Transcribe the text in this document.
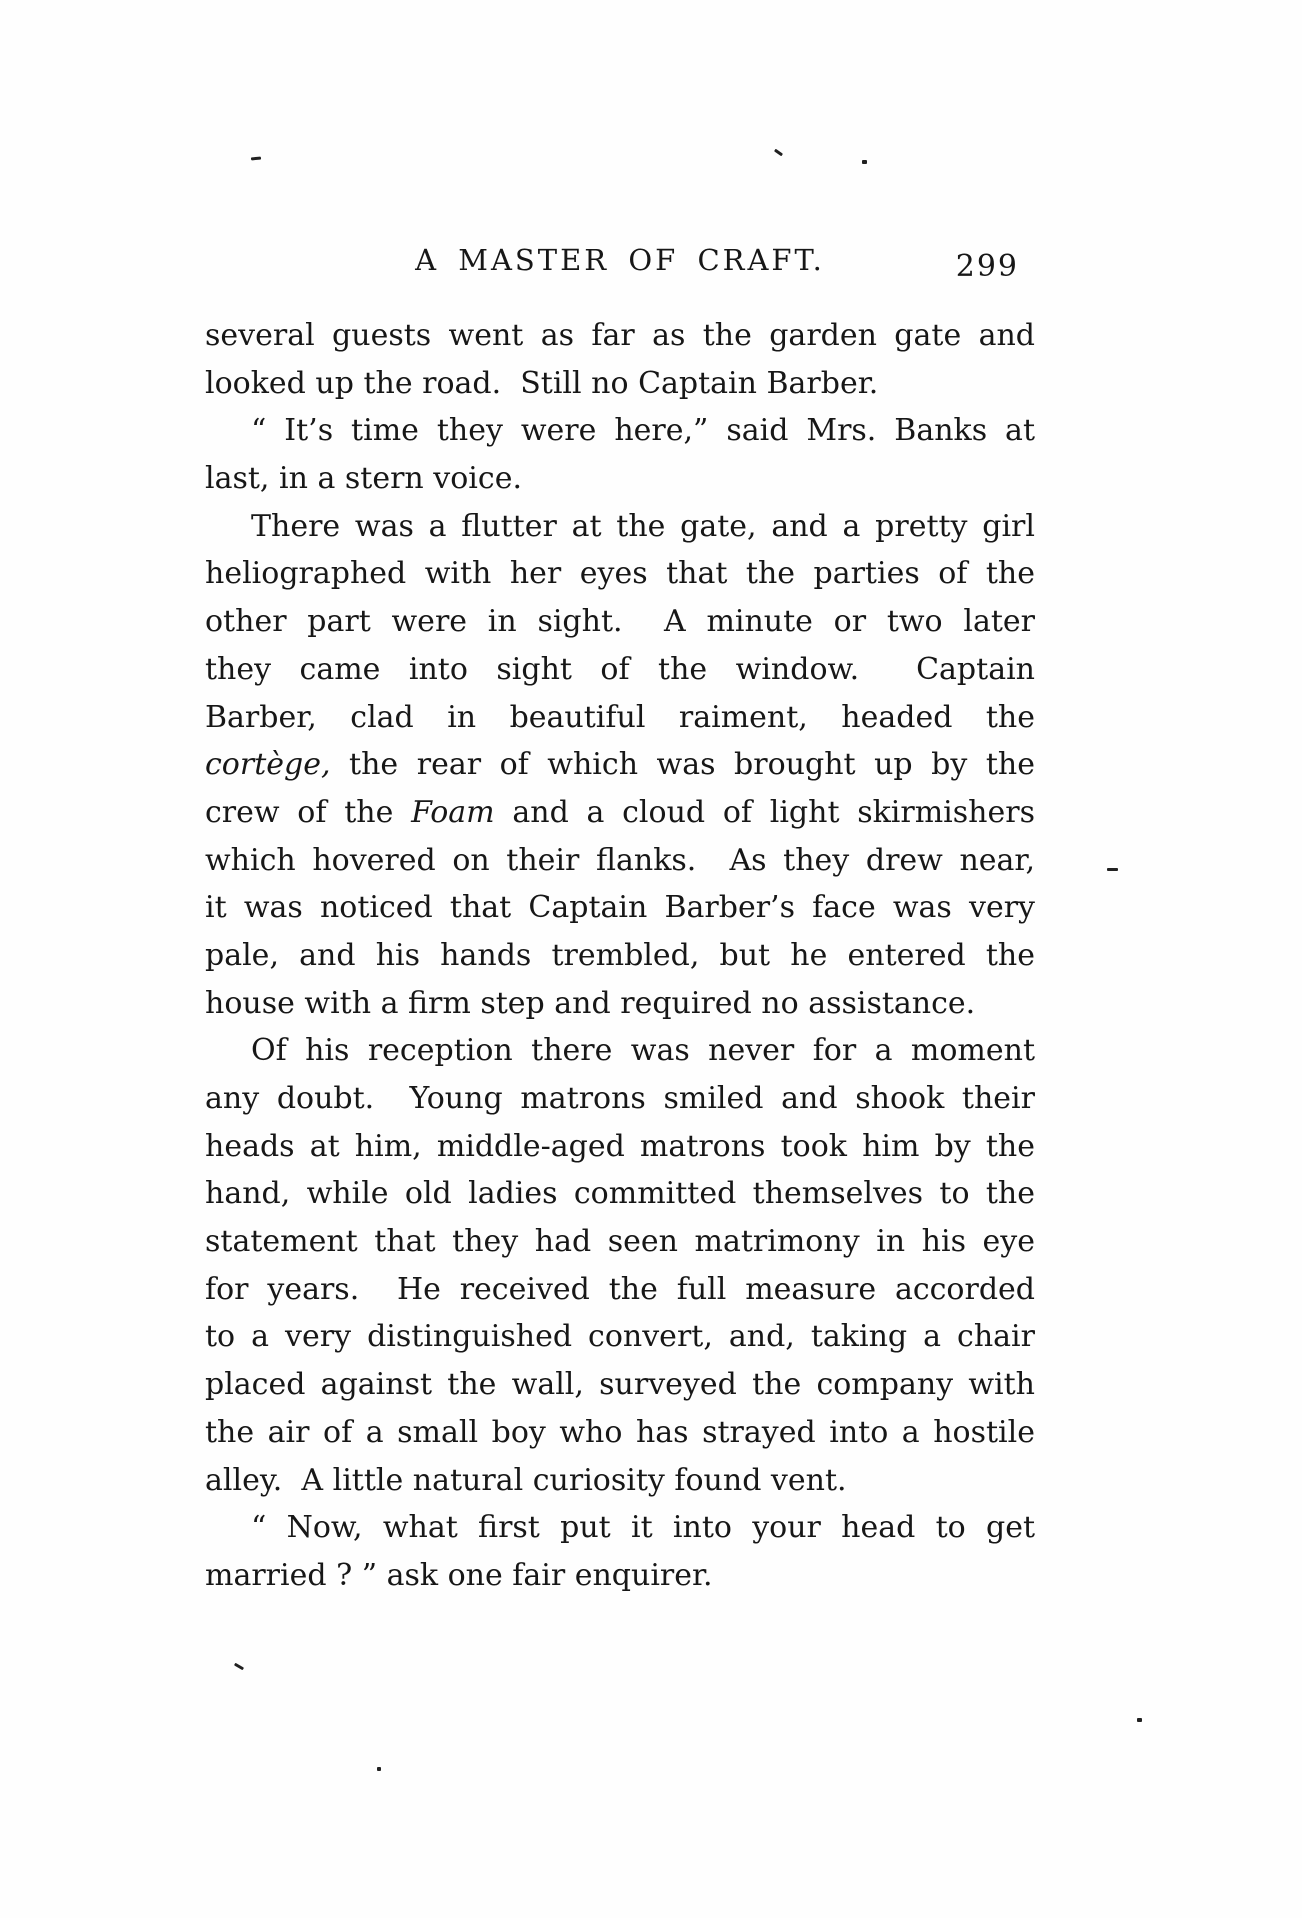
A MASTER OF CRAFT.	299
several guests went as far as the garden gate and
looked up the road.  Still no Captain Barber.
“ It’s time they were here,” said Mrs. Banks at
last, in a stern voice.
There was a flutter at the gate, and a pretty girl
heliographed with her eyes that the parties of the
other part were in sight.  A minute or two later
they came into sight of the window.  Captain
Barber, clad in beautiful raiment, headed the
cortège, the rear of which was brought up by the
crew of the Foam and a cloud of light skirmishers
which hovered on their flanks.  As they drew near,
it was noticed that Captain Barber’s face was very
pale, and his hands trembled, but he entered the
house with a firm step and required no assistance.
Of his reception there was never for a moment
any doubt.  Young matrons smiled and shook their
heads at him, middle-aged matrons took him by the
hand, while old ladies committed themselves to the
statement that they had seen matrimony in his eye
for years.  He received the full measure accorded
to a very distinguished convert, and, taking a chair
placed against the wall, surveyed the company with
the air of a small boy who has strayed into a hostile
alley.  A little natural curiosity found vent.
“ Now, what first put it into your head to get
married ? ” ask one fair enquirer.
